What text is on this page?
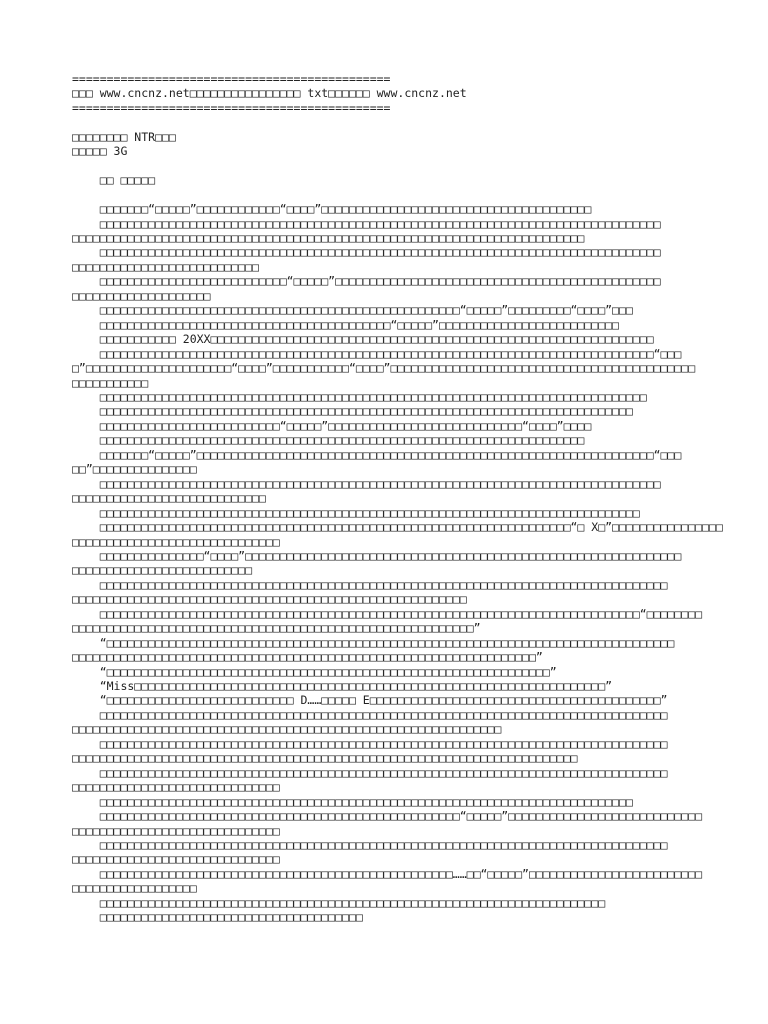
==============================================
□□□ www.cncnz.net□□□□□□□□□□□□□□□□ txt□□□□□□ www.cncnz.net
==============================================

□□□□□□□□ NTR□□□
□□□□□ 3G

□□ □□□□□

□□□□□□□“□□□□□”□□□□□□□□□□□□“□□□□”□□□□□□□□□□□□□□□□□□□□□□□□□□□□□□□□□□□□□□□
□□□□□□□□□□□□□□□□□□□□□□□□□□□□□□□□□□□□□□□□□□□□□□□□□□□□□□□□□□□□□□□□□□□□□□□□□□□□□□□□□
□□□□□□□□□□□□□□□□□□□□□□□□□□□□□□□□□□□□□□□□□□□□□□□□□□□□□□□□□□□□□□□□□□□□□□□□□□
□□□□□□□□□□□□□□□□□□□□□□□□□□□□□□□□□□□□□□□□□□□□□□□□□□□□□□□□□□□□□□□□□□□□□□□□□□□□□□□□□
□□□□□□□□□□□□□□□□□□□□□□□□□□□
□□□□□□□□□□□□□□□□□□□□□□□□□□□“□□□□□”□□□□□□□□□□□□□□□□□□□□□□□□□□□□□□□□□□□□□□□□□□□□□□□
□□□□□□□□□□□□□□□□□□□□
□□□□□□□□□□□□□□□□□□□□□□□□□□□□□□□□□□□□□□□□□□□□□□□□□□□□“□□□□□”□□□□□□□□□“□□□□”□□□
□□□□□□□□□□□□□□□□□□□□□□□□□□□□□□□□□□□□□□□□□□“□□□□□”□□□□□□□□□□□□□□□□□□□□□□□□□□
□□□□□□□□□□□ 20XX□□□□□□□□□□□□□□□□□□□□□□□□□□□□□□□□□□□□□□□□□□□□□□□□□□□□□□□□□□□□□□□□
□□□□□□□□□□□□□□□□□□□□□□□□□□□□□□□□□□□□□□□□□□□□□□□□□□□□□□□□□□□□□□□□□□□□□□□□□□□□□□□□“□□□
□”□□□□□□□□□□□□□□□□□□□□□“□□□□”□□□□□□□□□□□“□□□□”□□□□□□□□□□□□□□□□□□□□□□□□□□□□□□□□□□□□□□□□□□□□
□□□□□□□□□□□
□□□□□□□□□□□□□□□□□□□□□□□□□□□□□□□□□□□□□□□□□□□□□□□□□□□□□□□□□□□□□□□□□□□□□□□□□□□□□□□
□□□□□□□□□□□□□□□□□□□□□□□□□□□□□□□□□□□□□□□□□□□□□□□□□□□□□□□□□□□□□□□□□□□□□□□□□□□□□
□□□□□□□□□□□□□□□□□□□□□□□□□□“□□□□□”□□□□□□□□□□□□□□□□□□□□□□□□□□□□“□□□□”□□□□
□□□□□□□□□□□□□□□□□□□□□□□□□□□□□□□□□□□□□□□□□□□□□□□□□□□□□□□□□□□□□□□□□□□□□□
□□□□□□□“□□□□□”□□□□□□□□□□□□□□□□□□□□□□□□□□□□□□□□□□□□□□□□□□□□□□□□□□□□□□□□□□□□□□□□□□“□□□
□□”□□□□□□□□□□□□□□□
□□□□□□□□□□□□□□□□□□□□□□□□□□□□□□□□□□□□□□□□□□□□□□□□□□□□□□□□□□□□□□□□□□□□□□□□□□□□□□□□□
□□□□□□□□□□□□□□□□□□□□□□□□□□□□
□□□□□□□□□□□□□□□□□□□□□□□□□□□□□□□□□□□□□□□□□□□□□□□□□□□□□□□□□□□□□□□□□□□□□□□□□□□□□□
□□□□□□□□□□□□□□□□□□□□□□□□□□□□□□□□□□□□□□□□□□□□□□□□□□□□□□□□□□□□□□□□□□□□“□ X□”□□□□□□□□□□□□□□□□
□□□□□□□□□□□□□□□□□□□□□□□□□□□□□□
□□□□□□□□□□□□□□□“□□□□”□□□□□□□□□□□□□□□□□□□□□□□□□□□□□□□□□□□□□□□□□□□□□□□□□□□□□□□□□□□□□□□
□□□□□□□□□□□□□□□□□□□□□□□□□□
□□□□□□□□□□□□□□□□□□□□□□□□□□□□□□□□□□□□□□□□□□□□□□□□□□□□□□□□□□□□□□□□□□□□□□□□□□□□□□□□□□
□□□□□□□□□□□□□□□□□□□□□□□□□□□□□□□□□□□□□□□□□□□□□□□□□□□□□□□□□
□□□□□□□□□□□□□□□□□□□□□□□□□□□□□□□□□□□□□□□□□□□□□□□□□□□□□□□□□□□□□□□□□□□□□□□□□□□□□□“□□□□□□□□
□□□□□□□□□□□□□□□□□□□□□□□□□□□□□□□□□□□□□□□□□□□□□□□□□□□□□□□□□□”
“□□□□□□□□□□□□□□□□□□□□□□□□□□□□□□□□□□□□□□□□□□□□□□□□□□□□□□□□□□□□□□□□□□□□□□□□□□□□□□□□□□
□□□□□□□□□□□□□□□□□□□□□□□□□□□□□□□□□□□□□□□□□□□□□□□□□□□□□□□□□□□□□□□□□□□”
“□□□□□□□□□□□□□□□□□□□□□□□□□□□□□□□□□□□□□□□□□□□□□□□□□□□□□□□□□□□□□□□□”
“Miss□□□□□□□□□□□□□□□□□□□□□□□□□□□□□□□□□□□□□□□□□□□□□□□□□□□□□□□□□□□□□□□□□□□□”
“□□□□□□□□□□□□□□□□□□□□□□□□□□□ D……□□□□□ E□□□□□□□□□□□□□□□□□□□□□□□□□□□□□□□□□□□□□□□□□□”
□□□□□□□□□□□□□□□□□□□□□□□□□□□□□□□□□□□□□□□□□□□□□□□□□□□□□□□□□□□□□□□□□□□□□□□□□□□□□□□□□□
□□□□□□□□□□□□□□□□□□□□□□□□□□□□□□□□□□□□□□□□□□□□□□□□□□□□□□□□□□□□□□
□□□□□□□□□□□□□□□□□□□□□□□□□□□□□□□□□□□□□□□□□□□□□□□□□□□□□□□□□□□□□□□□□□□□□□□□□□□□□□□□□□
□□□□□□□□□□□□□□□□□□□□□□□□□□□□□□□□□□□□□□□□□□□□□□□□□□□□□□□□□□□□□□□□□□□□□□□□□
□□□□□□□□□□□□□□□□□□□□□□□□□□□□□□□□□□□□□□□□□□□□□□□□□□□□□□□□□□□□□□□□□□□□□□□□□□□□□□□□□□
□□□□□□□□□□□□□□□□□□□□□□□□□□□□□□
□□□□□□□□□□□□□□□□□□□□□□□□□□□□□□□□□□□□□□□□□□□□□□□□□□□□□□□□□□□□□□□□□□□□□□□□□□□□□
□□□□□□□□□□□□□□□□□□□□□□□□□□□□□□□□□□□□□□□□□□□□□□□□□□□□“□□□□□”□□□□□□□□□□□□□□□□□□□□□□□□□□□□
□□□□□□□□□□□□□□□□□□□□□□□□□□□□□□
□□□□□□□□□□□□□□□□□□□□□□□□□□□□□□□□□□□□□□□□□□□□□□□□□□□□□□□□□□□□□□□□□□□□□□□□□□□□□□□□□□
□□□□□□□□□□□□□□□□□□□□□□□□□□□□□□
□□□□□□□□□□□□□□□□□□□□□□□□□□□□□□□□□□□□□□□□□□□□□□□□□□□……□□“□□□□□”□□□□□□□□□□□□□□□□□□□□□□□□□
□□□□□□□□□□□□□□□□□□
□□□□□□□□□□□□□□□□□□□□□□□□□□□□□□□□□□□□□□□□□□□□□□□□□□□□□□□□□□□□□□□□□□□□□□□□□
□□□□□□□□□□□□□□□□□□□□□□□□□□□□□□□□□□□□□□
